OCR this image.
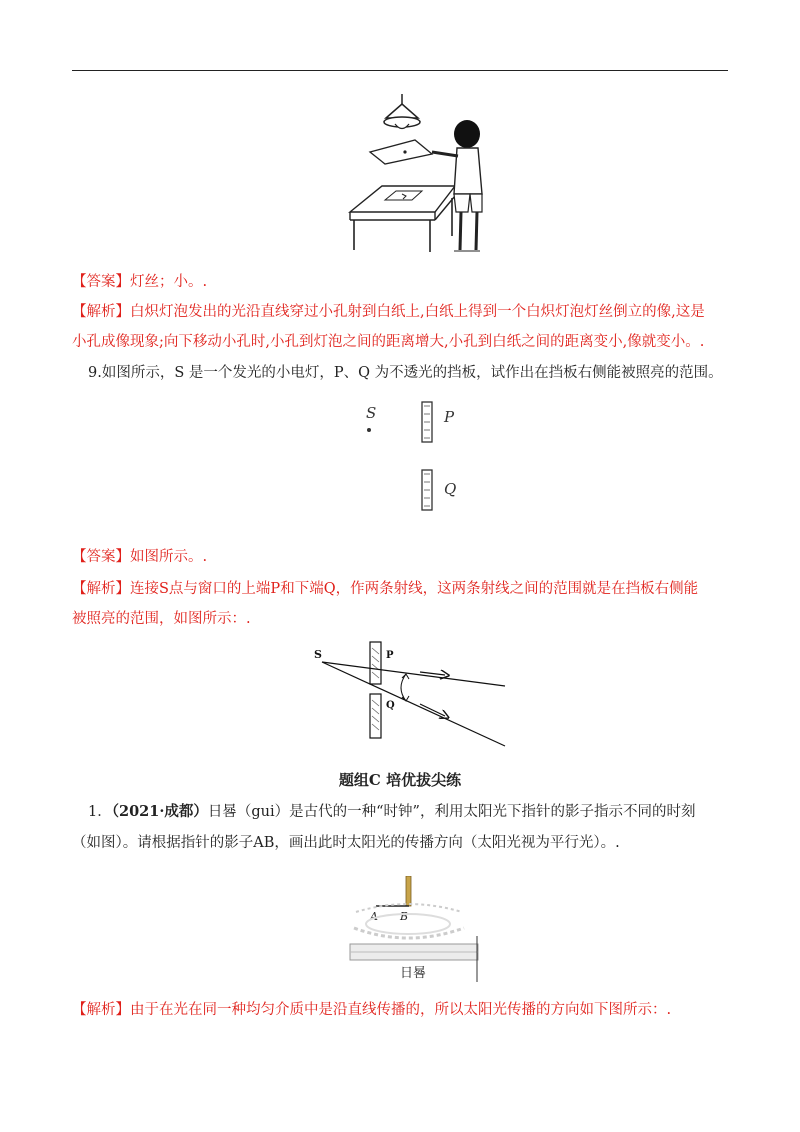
【答案】灯丝；小。.
【解析】白炽灯泡发出的光沿直线穿过小孔射到白纸上,白纸上得到一个白炽灯泡灯丝倒立的像,这是
小孔成像现象;向下移动小孔时,小孔到灯泡之间的距离增大,小孔到白纸之间的距离变小,像就变小。.
9.如图所示，S 是一个发光的小电灯，P、Q 为不透光的挡板，试作出在挡板右侧能被照亮的范围。
S	P
Q
【答案】如图所示。.
【解析】连接S点与窗口的上端P和下端Q，作两条射线，这两条射线之间的范围就是在挡板右侧能
被照亮的范围，如图所示：.
S	P
Q
题组C 培优拔尖练
1．（2021·成都）日晷（gui）是古代的一种“时钟”，利用太阳光下指针的影子指示不同的时刻
（如图）。请根据指针的影子AB，画出此时太阳光的传播方向（太阳光视为平行光）。.
A B
日晷
【解析】由于在光在同一种均匀介质中是沿直线传播的，所以太阳光传播的方向如下图所示：.
